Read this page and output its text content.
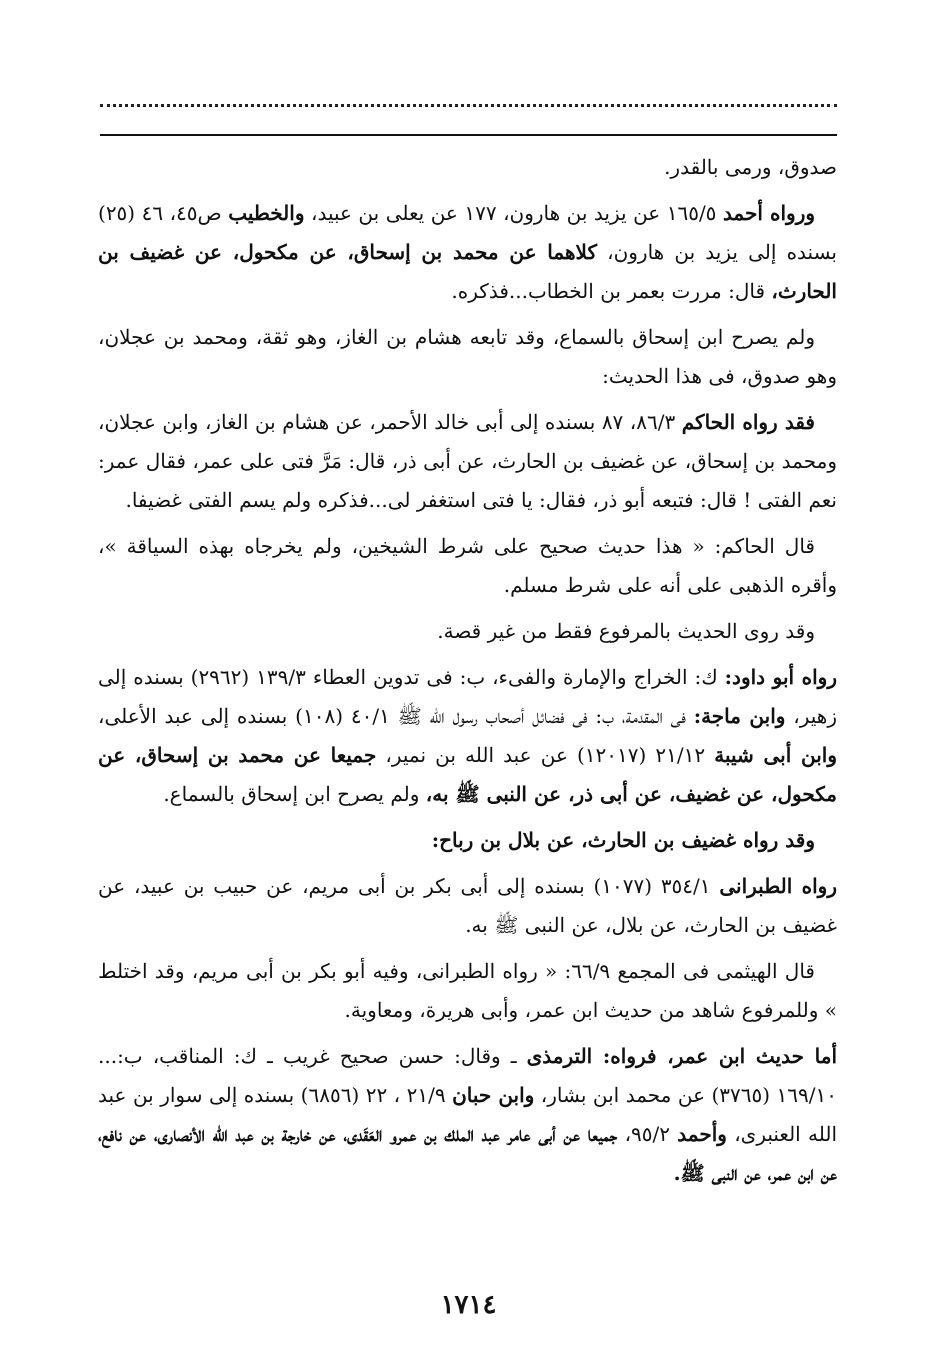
صدوق، ورمى بالقدر.

ورواه أحمد ١٦٥/٥ عن يزيد بن هارون، ١٧٧ عن يعلى بن عبيد، والخطيب ص٤٥، ٤٦ (٢٥) بسنده إلى يزيد بن هارون، كلاهما عن محمد بن إسحاق، عن مكحول، عن غضيف بن الحارث، قال: مررت بعمر بن الخطاب...فذكره.

ولم يصرح ابن إسحاق بالسماع، وقد تابعه هشام بن الغاز، وهو ثقة، ومحمد بن عجلان، وهو صدوق، فى هذا الحديث:

فقد رواه الحاكم ٨٦/٣، ٨٧ بسنده إلى أبى خالد الأحمر، عن هشام بن الغاز، وابن عجلان، ومحمد بن إسحاق، عن غضيف بن الحارث، عن أبى ذر، قال: مَرَّ فتى على عمر، فقال عمر: نعم الفتى ! قال: فتبعه أبو ذر، فقال: يا فتى استغفر لى...فذكره ولم يسم الفتى غضيفا.

قال الحاكم: « هذا حديث صحيح على شرط الشيخين، ولم يخرجاه بهذه السياقة »، وأقره الذهبى على أنه على شرط مسلم.

وقد روى الحديث بالمرفوع فقط من غير قصة.

رواه أبو داود: ك: الخراج والإمارة والفىء، ب: فى تدوين العطاء ١٣٩/٣ (٢٩٦٢) بسنده إلى زهير، وابن ماجة: فى المقدمة، ب: فى فضائل أصحاب رسول الله ﷺ ٤٠/١ (١٠٨) بسنده إلى عبد الأعلى، وابن أبى شيبة ٢١/١٢ (١٢٠١٧) عن عبد الله بن نمير، جميعا عن محمد بن إسحاق، عن مكحول، عن غضيف، عن أبى ذر، عن النبى ﷺ به، ولم يصرح ابن إسحاق بالسماع.

وقد رواه غضيف بن الحارث، عن بلال بن رباح:

رواه الطبرانى ٣٥٤/١ (١٠٧٧) بسنده إلى أبى بكر بن أبى مريم، عن حبيب بن عبيد، عن غضيف بن الحارث، عن بلال، عن النبى ﷺ به.

قال الهيثمى فى المجمع ٦٦/٩: « رواه الطبرانى، وفيه أبو بكر بن أبى مريم، وقد اختلط » وللمرفوع شاهد من حديث ابن عمر، وأبى هريرة، ومعاوية.

أما حديث ابن عمر، فرواه: الترمذى ـ وقال: حسن صحيح غريب ـ ك: المناقب، ب:... ١٦٩/١٠ (٣٧٦٥) عن محمد ابن بشار، وابن حبان ٢١/٩ ، ٢٢ (٦٨٥٦) بسنده إلى سوار بن عبد الله العنبرى، وأحمد ٩٥/٢، جميعا عن أبى عامر عبد الملك بن عمرو العَقَدى، عن خارجة بن عبد الله الأنصارى، عن نافع، عن ابن عمر، عن النبى ﷺ.

١٧١٤
